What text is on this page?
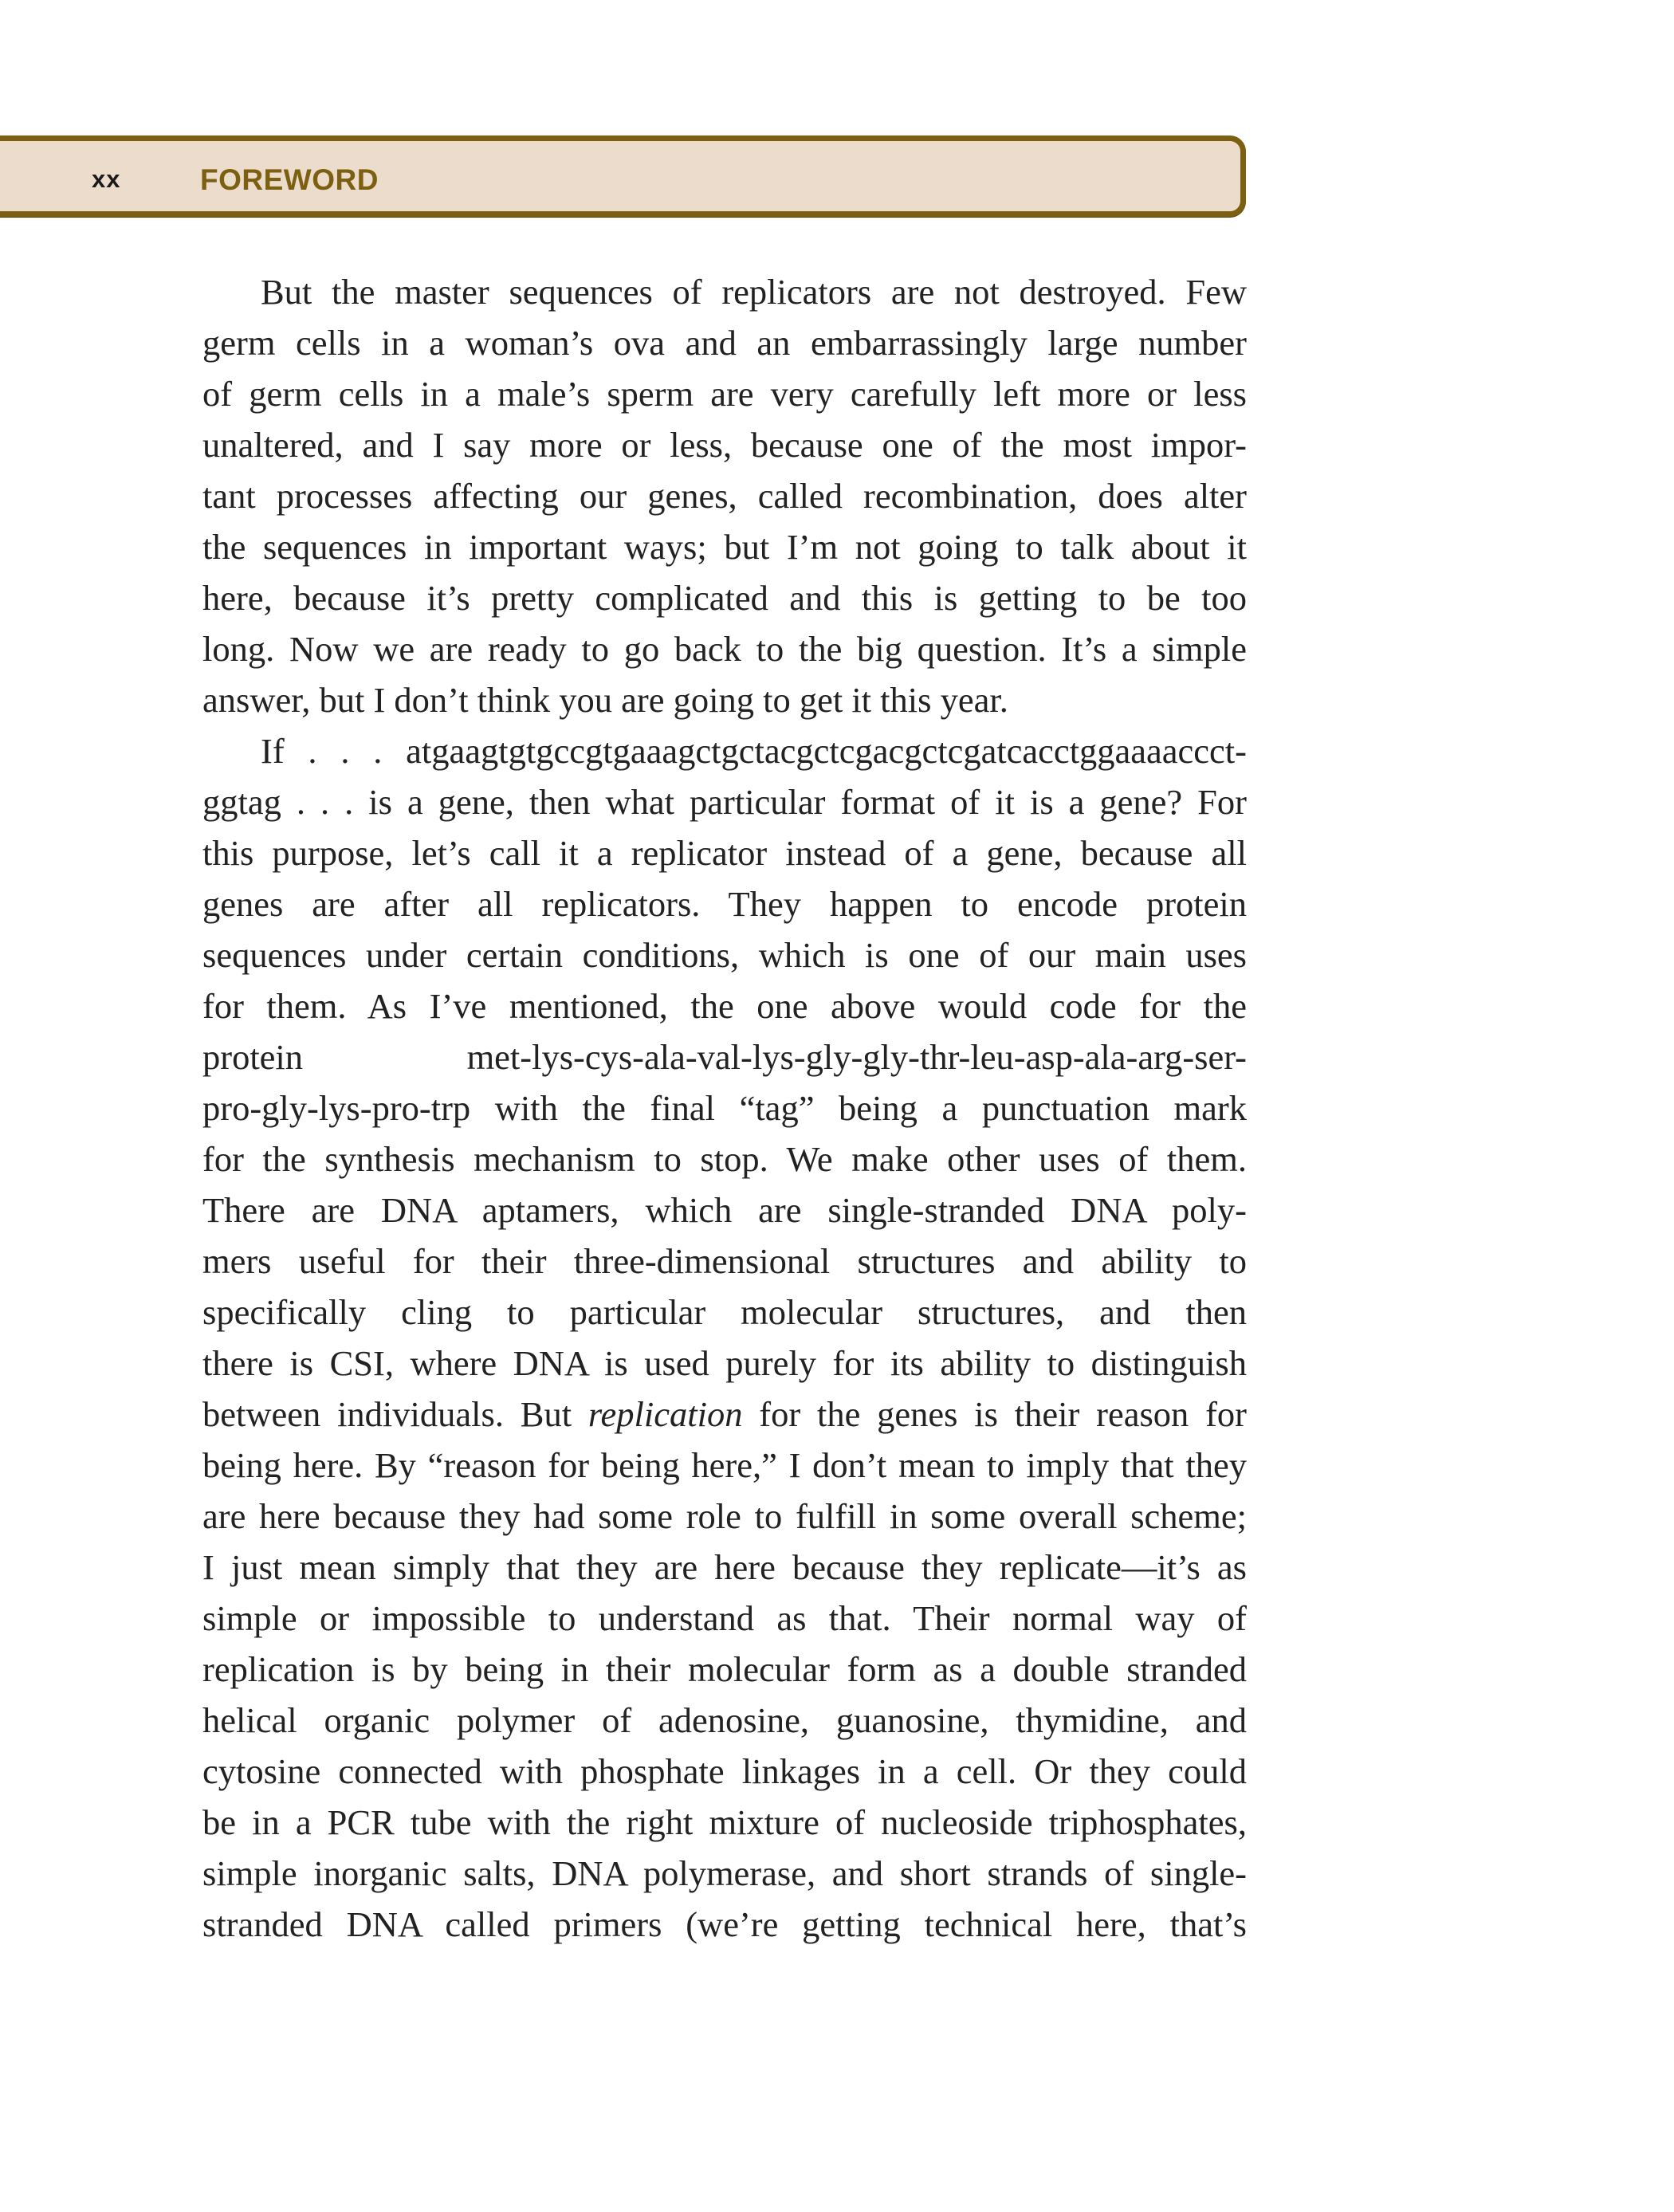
xx	FOREWORD
But the master sequences of replicators are not destroyed. Few
germ cells in a woman’s ova and an embarrassingly large number
of germ cells in a male’s sperm are very carefully left more or less
unaltered, and I say more or less, because one of the most impor-
tant processes affecting our genes, called recombination, does alter
the sequences in important ways; but I’m not going to talk about it
here, because it’s pretty complicated and this is getting to be too
long. Now we are ready to go back to the big question. It’s a simple
answer, but I don’t think you are going to get it this year.
If . . . atgaagtgtgccgtgaaagctgctacgctcgacgctcgatcacctggaaaaccct-
ggtag . . . is a gene, then what particular format of it is a gene? For
this purpose, let’s call it a replicator instead of a gene, because all
genes are after all replicators. They happen to encode protein
sequences under certain conditions, which is one of our main uses
for them. As I’ve mentioned, the one above would code for the
protein met-lys-cys-ala-val-lys-gly-gly-thr-leu-asp-ala-arg-ser-
pro-gly-lys-pro-trp with the final “tag” being a punctuation mark
for the synthesis mechanism to stop. We make other uses of them.
There are DNA aptamers, which are single-stranded DNA poly-
mers useful for their three-dimensional structures and ability to
specifically cling to particular molecular structures, and then
there is CSI, where DNA is used purely for its ability to distinguish
between individuals. But replication for the genes is their reason for
being here. By “reason for being here,” I don’t mean to imply that they
are here because they had some role to fulfill in some overall scheme;
I just mean simply that they are here because they replicate—it’s as
simple or impossible to understand as that. Their normal way of
replication is by being in their molecular form as a double stranded
helical organic polymer of adenosine, guanosine, thymidine, and
cytosine connected with phosphate linkages in a cell. Or they could
be in a PCR tube with the right mixture of nucleoside triphosphates,
simple inorganic salts, DNA polymerase, and short strands of single-
stranded DNA called primers (we’re getting technical here, that’s
